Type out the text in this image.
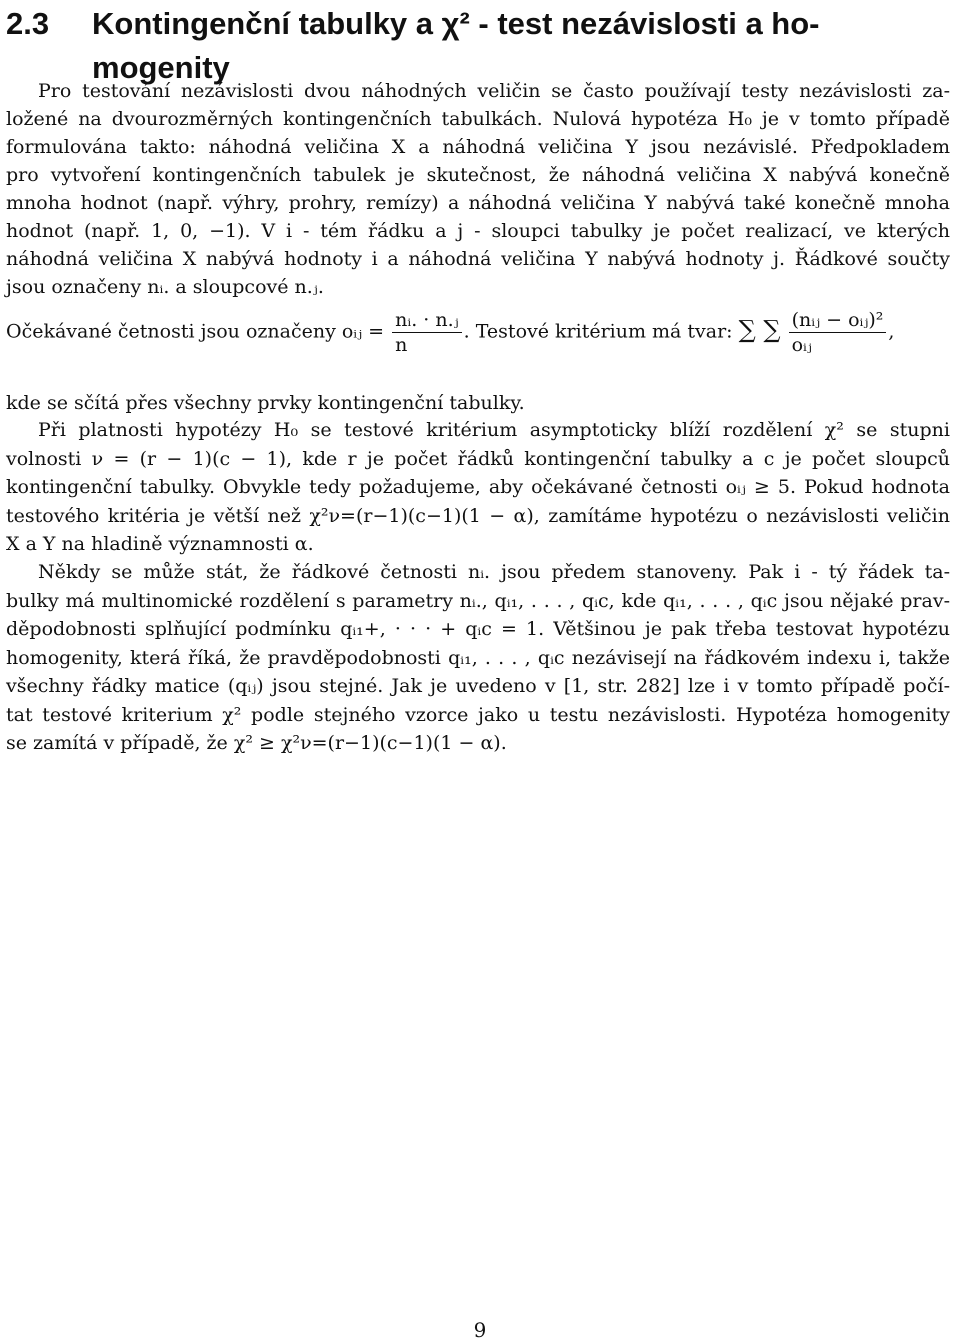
2.3 Kontingenční tabulky a χ² - test nezávislosti a ho-
mogenity
Pro testování nezávislosti dvou náhodných veličin se často používají testy nezávislosti za-
ložené na dvourozměrných kontingenčních tabulkách. Nulová hypotéza H₀ je v tomto případě
formulována takto: náhodná veličina X a náhodná veličina Y jsou nezávislé. Předpokladem
pro vytvoření kontingenčních tabulek je skutečnost, že náhodná veličina X nabývá konečně
mnoha hodnot (např. výhry, prohry, remízy) a náhodná veličina Y nabývá také konečně mnoha
hodnot (např. 1, 0, −1). V i - tém řádku a j - sloupci tabulky je počet realizací, ve kterých
náhodná veličina X nabývá hodnoty i a náhodná veličina Y nabývá hodnoty j. Řádkové součty
jsou označeny nᵢ. a sloupcové n.ⱼ.
Očekávané četnosti jsou označeny oᵢⱼ = $\frac{\text{nᵢ. · n.ⱼ}}{n}$ . Testové kritérium má tvar: ∑ ∑ $\frac{\text{(nᵢⱼ − oᵢⱼ)²}}{\text{oᵢⱼ}}$ ,
kde se sčítá přes všechny prvky kontingenční tabulky.
Při platnosti hypotézy H₀ se testové kritérium asymptoticky blíží rozdělení χ² se stupni
volnosti ν = (r − 1)(c − 1), kde r je počet řádků kontingenční tabulky a c je počet sloupců
kontingenční tabulky. Obvykle tedy požadujeme, aby očekávané četnosti oᵢⱼ ≥ 5. Pokud hodnota
testového kritéria je větší než χ²ν=(r−1)(c−1)(1 − α), zamítáme hypotézu o nezávislosti veličin
X a Y na hladině významnosti α.
Někdy se může stát, že řádkové četnosti nᵢ. jsou předem stanoveny. Pak i - tý řádek ta-
bulky má multinomické rozdělení s parametry nᵢ., qᵢ₁, . . . , qᵢc, kde qᵢ₁, . . . , qᵢc jsou nějaké prav-
děpodobnosti splňující podmínku qᵢ₁+, · · · + qᵢc = 1. Většinou je pak třeba testovat hypotézu
homogenity, která říká, že pravděpodobnosti qᵢ₁, . . . , qᵢc nezávisejí na řádkovém indexu i, takže
všechny řádky matice (qᵢⱼ) jsou stejné. Jak je uvedeno v [1, str. 282] lze i v tomto případě počí-
tat testové kriterium χ² podle stejného vzorce jako u testu nezávislosti. Hypotéza homogenity
se zamítá v případě, že χ² ≥ χ²ν=(r−1)(c−1)(1 − α).
9
